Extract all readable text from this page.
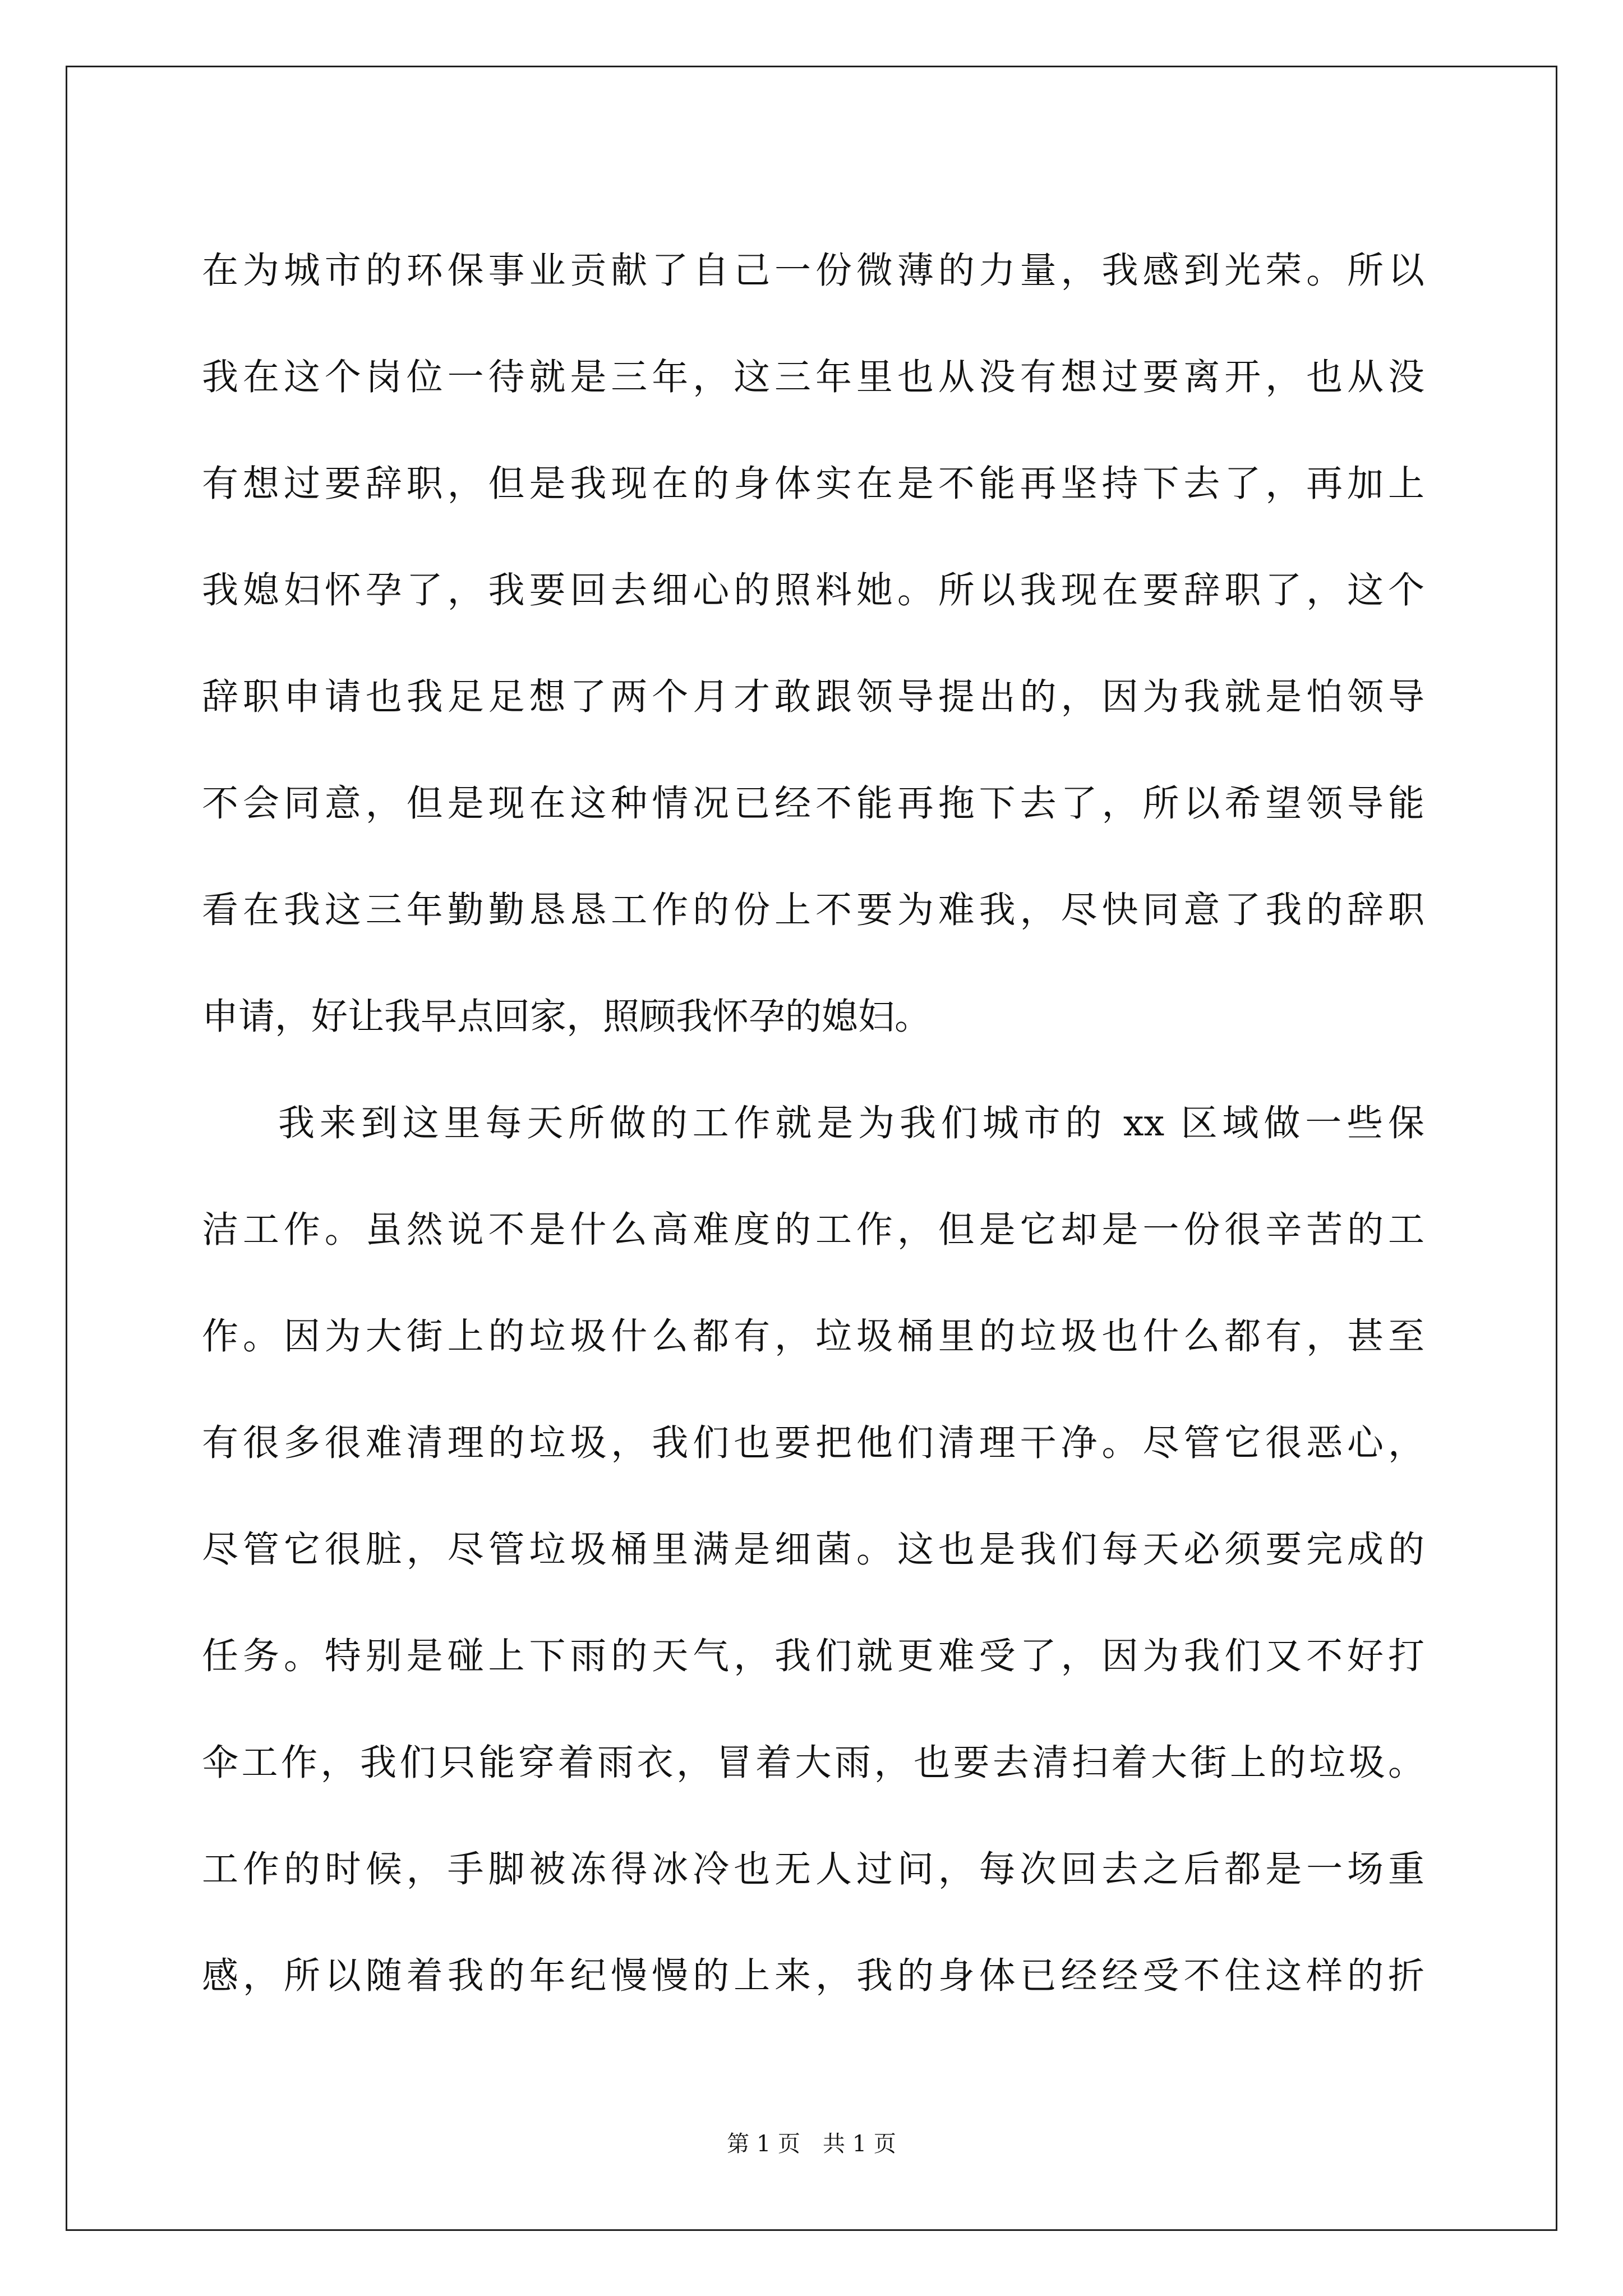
在为城市的环保事业贡献了自己一份微薄的力量，我感到光荣。所以
我在这个岗位一待就是三年，这三年里也从没有想过要离开，也从没
有想过要辞职，但是我现在的身体实在是不能再坚持下去了，再加上
我媳妇怀孕了，我要回去细心的照料她。所以我现在要辞职了，这个
辞职申请也我足足想了两个月才敢跟领导提出的，因为我就是怕领导
不会同意，但是现在这种情况已经不能再拖下去了，所以希望领导能
看在我这三年勤勤恳恳工作的份上不要为难我，尽快同意了我的辞职
申请，好让我早点回家，照顾我怀孕的媳妇。
我来到这里每天所做的工作就是为我们城市的 xx 区域做一些保
洁工作。虽然说不是什么高难度的工作，但是它却是一份很辛苦的工
作。因为大街上的垃圾什么都有，垃圾桶里的垃圾也什么都有，甚至
有很多很难清理的垃圾，我们也要把他们清理干净。尽管它很恶心，
尽管它很脏，尽管垃圾桶里满是细菌。这也是我们每天必须要完成的
任务。特别是碰上下雨的天气，我们就更难受了，因为我们又不好打
伞工作，我们只能穿着雨衣，冒着大雨，也要去清扫着大街上的垃圾。
工作的时候，手脚被冻得冰冷也无人过问，每次回去之后都是一场重
感，所以随着我的年纪慢慢的上来，我的身体已经经受不住这样的折
第 1 页　共 1 页
